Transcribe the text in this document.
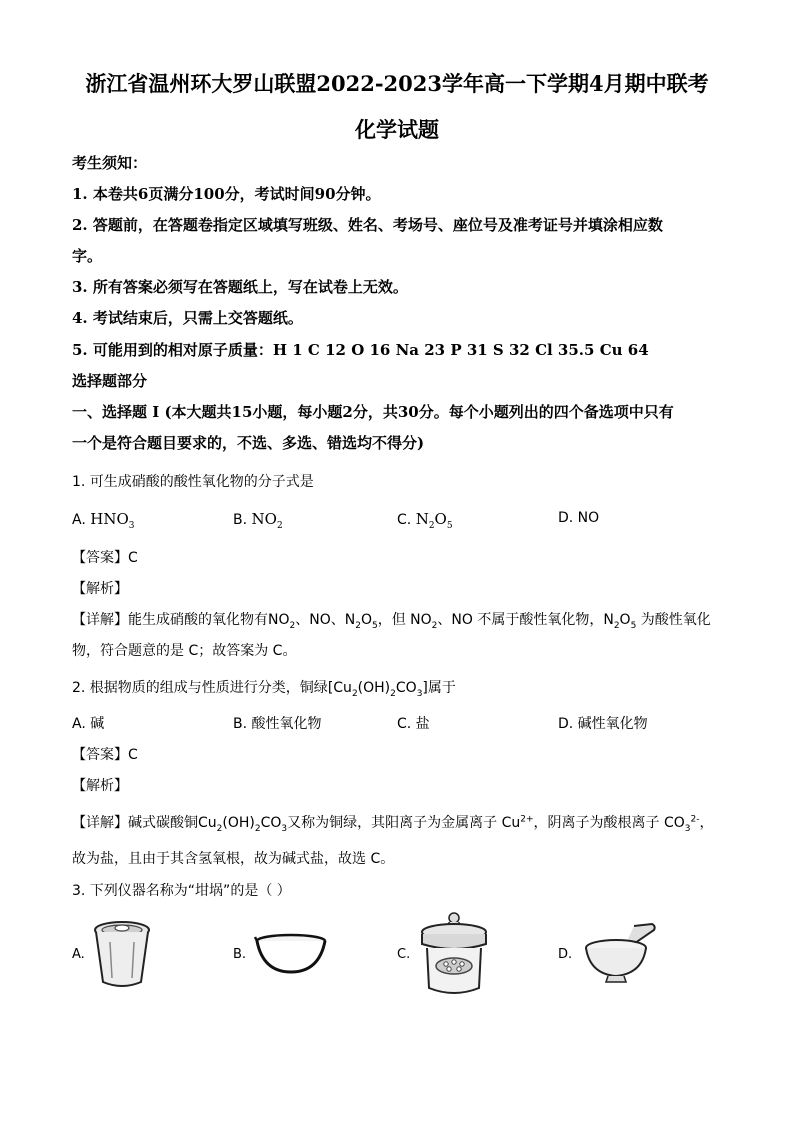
浙江省温州环大罗山联盟2022-2023学年高一下学期4月期中联考
化学试题
考生须知：
1. 本卷共6页满分100分，考试时间90分钟。
2. 答题前，在答题卷指定区域填写班级、姓名、考场号、座位号及准考证号并填涂相应数
字。
3. 所有答案必须写在答题纸上，写在试卷上无效。
4. 考试结束后，只需上交答题纸。
5. 可能用到的相对原子质量：H 1 C 12 O 16 Na 23 P 31 S 32 Cl 35.5 Cu 64
选择题部分
一、选择题 I (本大题共15小题，每小题2分，共30分。每个小题列出的四个备选项中只有
一个是符合题目要求的，不选、多选、错选均不得分)
1. 可生成硝酸的酸性氧化物的分子式是
A. $HNO_3$	B. $NO_2$	C. $N_2O_5$	D. NO
【答案】C
【解析】
【详解】能生成硝酸的氧化物有$NO_2$、NO、$N_2O_5$，但 $NO_2$、NO 不属于酸性氧化物，$N_2O_5$ 为酸性氧化
物，符合题意的是 C；故答案为 C。
2. 根据物质的组成与性质进行分类，铜绿$[Cu_2(OH)_2CO_3]$属于
A. 碱	B. 酸性氧化物	C. 盐	D. 碱性氧化物
【答案】C
【解析】
【详解】碱式碳酸铜$Cu_2(OH)_2CO_3$又称为铜绿，其阳离子为金属离子 $Cu^{2+}$，阴离子为酸根离子 $CO_3^{2-}$，
故为盐，且由于其含氢氧根，故为碱式盐，故选 C。
3. 下列仪器名称为“坩埚”的是（ ）
A.	B.	C.	D.
